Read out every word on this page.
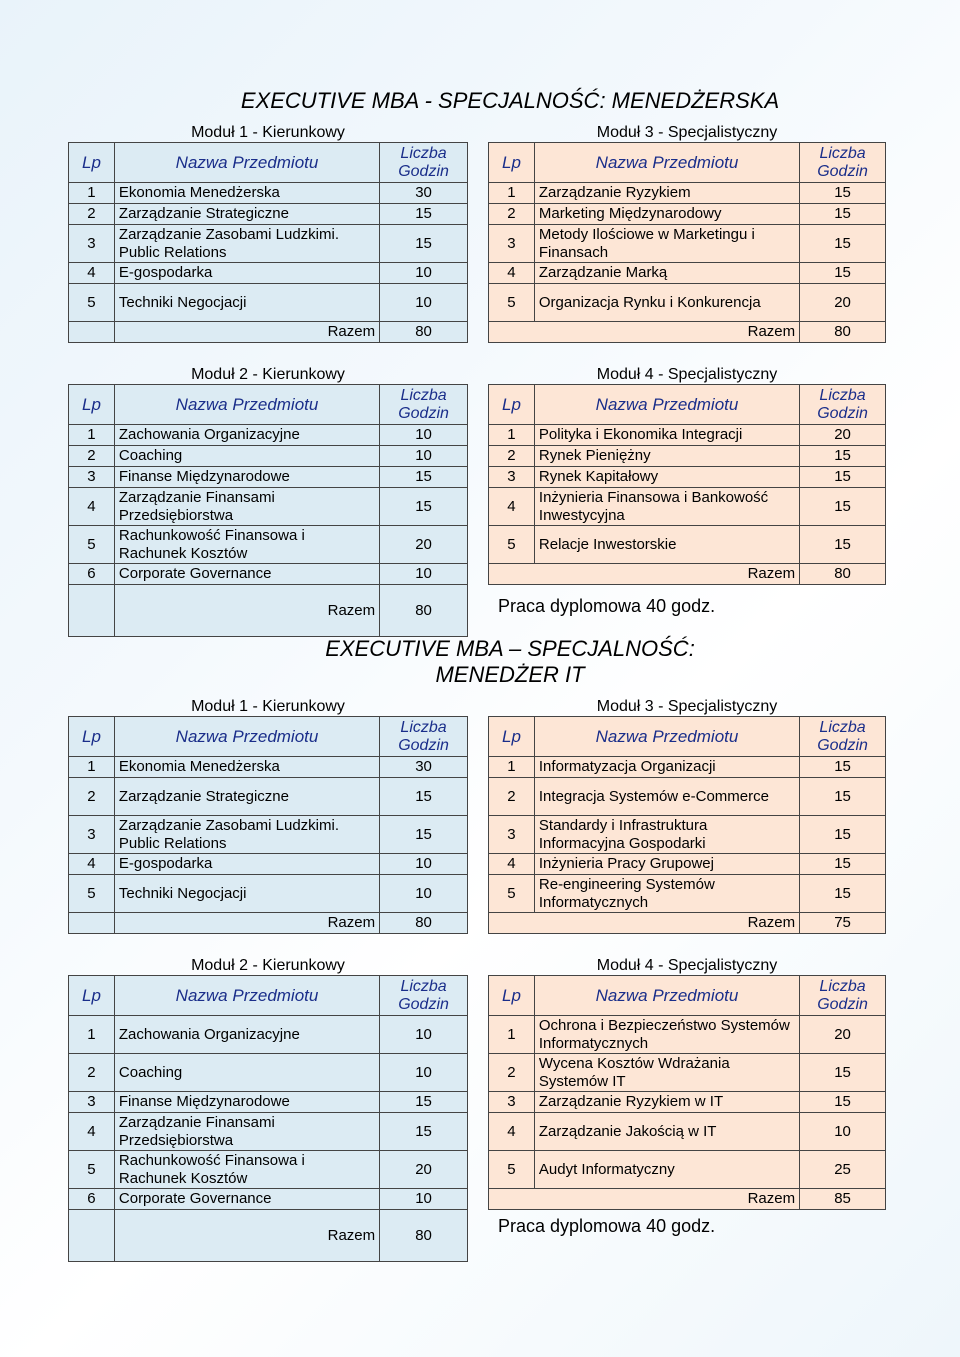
EXECUTIVE MBA - SPECJALNOŚĆ: MENEDŻERSKA
Moduł 1 - Kierunkowy	Moduł 3 - Specjalistyczny
Lp	Nazwa Przedmiotu	Liczba
Godzin
1	Ekonomia Menedżerska	30
2	Zarządzanie Strategiczne	15
3	Zarządzanie Zasobami Ludzkimi. Public Relations	15
4	E-gospodarka	10
5	Techniki Negocjacji	10
	Razem	80
Lp	Nazwa Przedmiotu	Liczba
Godzin
1	Zarządzanie Ryzykiem	15
2	Marketing Międzynarodowy	15
3	Metody Ilościowe w Marketingu i Finansach	15
4	Zarządzanie Marką	15
5	Organizacja Rynku i Konkurencja	20
Razem		80
Moduł 2 - Kierunkowy	Moduł 4 - Specjalistyczny
Lp	Nazwa Przedmiotu	Liczba
Godzin
1	Zachowania Organizacyjne	10
2	Coaching	10
3	Finanse Międzynarodowe	15
4	Zarządzanie Finansami Przedsiębiorstwa	15
5	Rachunkowość Finansowa i Rachunek Kosztów	20
6	Corporate Governance	10
	Razem	80
Lp	Nazwa Przedmiotu	Liczba
Godzin
1	Polityka i Ekonomika Integracji	20
2	Rynek Pieniężny	15
3	Rynek Kapitałowy	15
4	Inżynieria Finansowa i Bankowość Inwestycyjna	15
5	Relacje Inwestorskie	15
Razem		80
Praca dyplomowa 40 godz.
EXECUTIVE MBA – SPECJALNOŚĆ:
MENEDŻER IT
Moduł 1 - Kierunkowy	Moduł 3 - Specjalistyczny
Lp	Nazwa Przedmiotu	Liczba
Godzin
1	Ekonomia Menedżerska	30
2	Zarządzanie Strategiczne	15
3	Zarządzanie Zasobami Ludzkimi. Public Relations	15
4	E-gospodarka	10
5	Techniki Negocjacji	10
	Razem	80
Lp	Nazwa Przedmiotu	Liczba
Godzin
1	Informatyzacja Organizacji	15
2	Integracja Systemów e-Commerce	15
3	Standardy i Infrastruktura Informacyjna Gospodarki	15
4	Inżynieria Pracy Grupowej	15
5	Re-engineering Systemów Informatycznych	15
Razem		75
Moduł 2 - Kierunkowy	Moduł 4 - Specjalistyczny
Lp	Nazwa Przedmiotu	Liczba
Godzin
1	Zachowania Organizacyjne	10
2	Coaching	10
3	Finanse Międzynarodowe	15
4	Zarządzanie Finansami Przedsiębiorstwa	15
5	Rachunkowość Finansowa i Rachunek Kosztów	20
6	Corporate Governance	10
	Razem	80
Lp	Nazwa Przedmiotu	Liczba
Godzin
1	Ochrona i Bezpieczeństwo Systemów Informatycznych	20
2	Wycena Kosztów Wdrażania Systemów IT	15
3	Zarządzanie Ryzykiem w IT	15
4	Zarządzanie Jakością w IT	10
5	Audyt Informatyczny	25
Razem		85
Praca dyplomowa 40 godz.
